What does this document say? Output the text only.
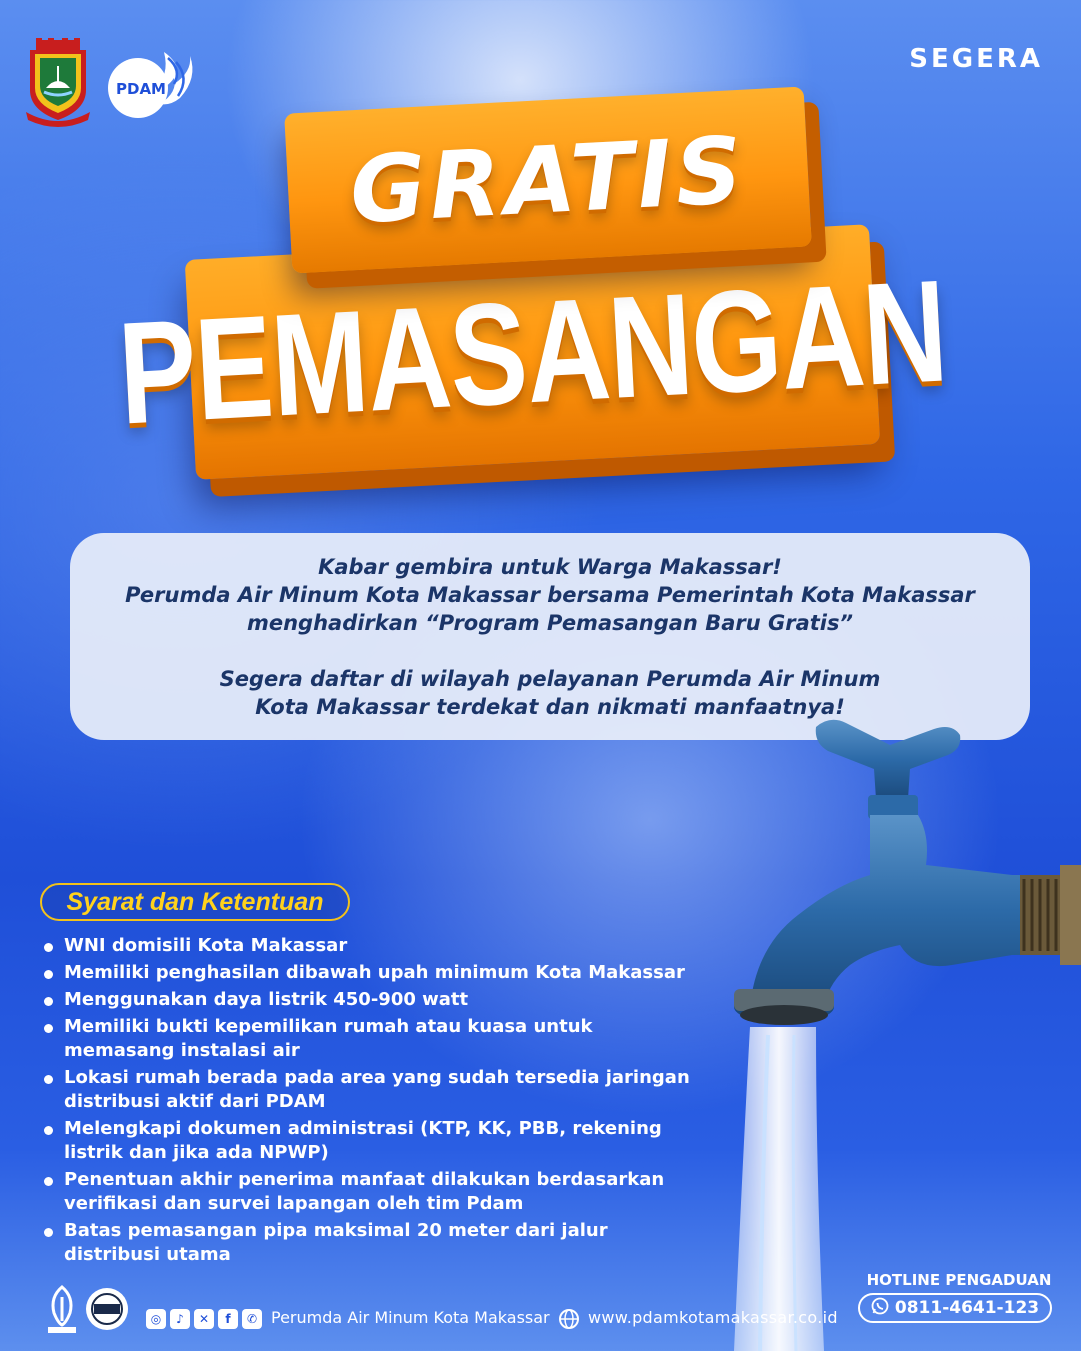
PDAM
SEGERA
PEMASANGAN
GRATIS

Kabar gembira untuk Warga Makassar!

Perumda Air Minum Kota Makassar bersama Pemerintah Kota Makassar

menghadirkan “Program Pemasangan Baru Gratis”

Segera daftar di wilayah pelayanan Perumda Air Minum

Kota Makassar terdekat dan nikmati manfaatnya!

Syarat dan Ketentuan
WNI domisili Kota Makassar
Memiliki penghasilan dibawah upah minimum Kota Makassar
Menggunakan daya listrik 450-900 watt
Memiliki bukti kepemilikan rumah atau kuasa untuk memasang instalasi air
Lokasi rumah berada pada area yang sudah tersedia jaringan distribusi aktif dari PDAM
Melengkapi dokumen administrasi (KTP, KK, PBB, rekening listrik dan jika ada NPWP)
Penentuan akhir penerima manfaat dilakukan berdasarkan verifikasi dan survei lapangan oleh tim Pdam
Batas pemasangan pipa maksimal 20 meter dari jalur distribusi utama
◎	♪	✕	f	✆ Perumda Air Minum Kota Makassar www.pdamkotamakassar.co.id
HOTLINE PENGADUAN
0811-4641-123
